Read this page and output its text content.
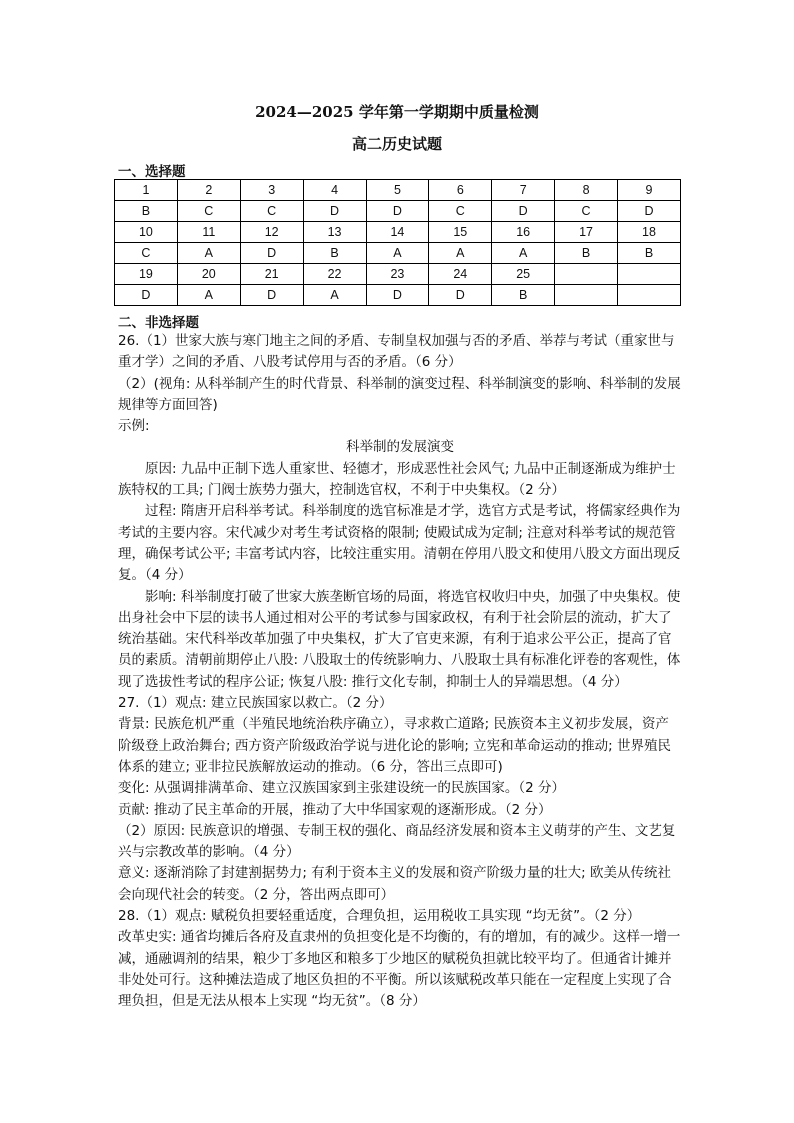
2024—2025 学年第一学期期中质量检测
高二历史试题
一、选择题
1	2	3	4	5	6	7	8	9
B	C	C	D	D	C	D	C	D
10	11	12	13	14	15	16	17	18
C	A	D	B	A	A	A	B	B
19	20	21	22	23	24	25		
D	A	D	A	D	D	B		
二、非选择题

26.（1）世家大族与寒门地主之间的矛盾、专制皇权加强与否的矛盾、举荐与考试（重家世与重才学）之间的矛盾、八股考试停用与否的矛盾。（6 分）

（2）(视角: 从科举制产生的时代背景、科举制的演变过程、科举制演变的影响、科举制的发展规律等方面回答)

示例:

科举制的发展演变

原因: 九品中正制下选人重家世、轻德才，形成恶性社会风气; 九品中正制逐渐成为维护士族特权的工具; 门阀士族势力强大，控制选官权，不利于中央集权。（2 分）

过程: 隋唐开启科举考试。科举制度的选官标准是才学，选官方式是考试，将儒家经典作为考试的主要内容。宋代减少对考生考试资格的限制; 使殿试成为定制; 注意对科举考试的规范管理，确保考试公平; 丰富考试内容，比较注重实用。清朝在停用八股文和使用八股文方面出现反复。（4 分）

影响: 科举制度打破了世家大族垄断官场的局面，将选官权收归中央，加强了中央集权。使出身社会中下层的读书人通过相对公平的考试参与国家政权，有利于社会阶层的流动，扩大了统治基础。宋代科举改革加强了中央集权，扩大了官吏来源，有利于追求公平公正，提高了官员的素质。清朝前期停止八股: 八股取士的传统影响力、八股取士具有标准化评卷的客观性，体现了选拔性考试的程序公证; 恢复八股: 推行文化专制，抑制士人的异端思想。（4 分）

27.（1）观点: 建立民族国家以救亡。（2 分）

背景: 民族危机严重（半殖民地统治秩序确立），寻求救亡道路; 民族资本主义初步发展，资产阶级登上政治舞台; 西方资产阶级政治学说与进化论的影响; 立宪和革命运动的推动; 世界殖民体系的建立; 亚非拉民族解放运动的推动。（6 分，答出三点即可)

变化: 从强调排满革命、建立汉族国家到主张建设统一的民族国家。（2 分）

贡献: 推动了民主革命的开展，推动了大中华国家观的逐渐形成。（2 分）

（2）原因: 民族意识的增强、专制王权的强化、商品经济发展和资本主义萌芽的产生、文艺复兴与宗教改革的影响。（4 分）

意义: 逐渐消除了封建割据势力; 有利于资本主义的发展和资产阶级力量的壮大; 欧美从传统社会向现代社会的转变。（2 分，答出两点即可）

28.（1）观点: 赋税负担要轻重适度，合理负担，运用税收工具实现 “均无贫”。（2 分）

改革史实: 通省均摊后各府及直隶州的负担变化是不均衡的，有的增加，有的减少。这样一增一减，通融调剂的结果，粮少丁多地区和粮多丁少地区的赋税负担就比较平均了。但通省计摊并非处处可行。这种摊法造成了地区负担的不平衡。所以该赋税改革只能在一定程度上实现了合理负担，但是无法从根本上实现 “均无贫”。（8 分）
